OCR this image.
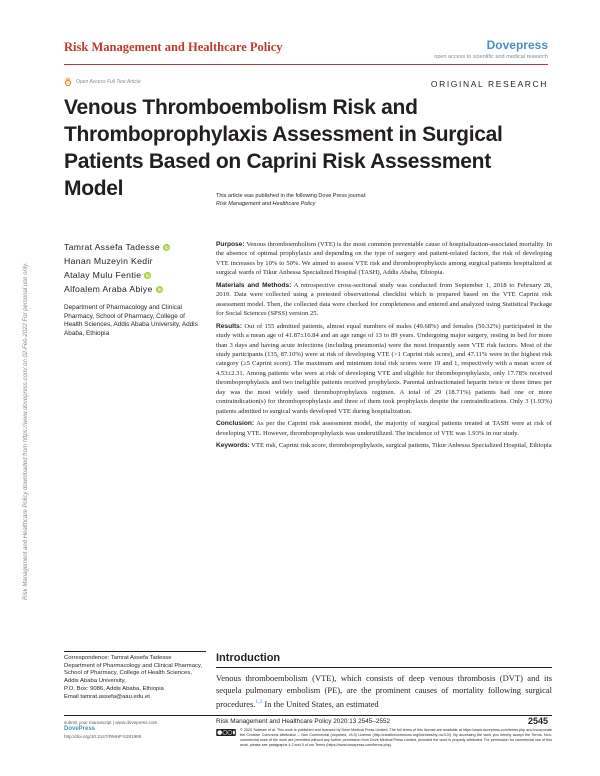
Risk Management and Healthcare Policy	Dovepress
open access to scientific and medical research
Open Access Full Text Article	ORIGINAL RESEARCH
Venous Thromboembolism Risk and Thromboprophylaxis Assessment in Surgical Patients Based on Caprini Risk Assessment Model	This article was published in the following Dove Press journal:
Risk Management and Healthcare Policy
Tamrat Assefa Tadesse
Hanan Muzeyin Kedir
Atalay Mulu Fentie
Alfoalem Araba Abiye
Department of Pharmacology and Clinical Pharmacy, School of Pharmacy, College of Health Sciences, Addis Ababa University, Addis Ababa, Ethiopia

Purpose: Venous thromboembolism (VTE) is the most common preventable cause of hospitalization-associated mortality. In the absence of optimal prophylaxis and depending on the type of surgery and patient-related factors, the risk of developing VTE increases by 10% to 50%. We aimed to assess VTE risk and thromboprophylaxis among surgical patients hospitalized at surgical wards of Tikur Anbessa Specialized Hospital (TASH), Addis Ababa, Ethiopia.

Materials and Methods: A retrospective cross-sectional study was conducted from September 1, 2018 to February 28, 2019. Data were collected using a pretested observational checklist which is prepared based on the VTE Caprini risk assessment model. Then, the collected data were checked for completeness and entered and analyzed using Statistical Package for Social Sciences (SPSS) version 25.

Results: Out of 155 admitted patients, almost equal numbers of males (49.68%) and females (50.32%) participated in the study with a mean age of 41.87±16.84 and an age range of 13 to 89 years. Undergoing major surgery, resting in bed for more than 3 days and having acute infections (including pneumonia) were the most frequently seen VTE risk factors. Most of the study participants (135, 87.10%) were at risk of developing VTE (>1 Caprini risk score), and 47.11% were in the highest risk category (≥5 Caprini score). The maximum and minimum total risk scores were 19 and 1, respectively with a mean score of 4.53±2.31. Among patients who were at risk of developing VTE and eligible for thromboprophylaxis, only 17.78% received thromboprophylaxis and two ineligible patients received prophylaxis. Parental unfractionated heparin twice or three times per day was the most widely used thromboprophylaxis regimen. A total of 29 (18.71%) patients had one or more contraindication(s) for thromboprophylaxis and three of them took prophylaxis despite the contraindications. Only 3 (1.93%) patients admitted to surgical wards developed VTE during hospitalization.

Conclusion: As per the Caprini risk assessment model, the majority of surgical patients treated at TASH were at risk of developing VTE. However, thromboprophylaxis was underutilized. The incidence of VTE was 1.93% in our study.

Keywords: VTE risk, Caprini risk score, thromboprophylaxis, surgical patients, Tikur Anbessa Specialized Hospital, Ethiopia

Correspondence: Tamrat Assefa Tadesse
Department of Pharmacology and Clinical Pharmacy, School of Pharmacy, College of Health Sciences, Addis Ababa University,
P.O. Box: 9086, Addis Ababa, Ethiopia
Email tamrat.assefa@aau.edu.et
Introduction

Venous thromboembolism (VTE), which consists of deep venous thrombosis (DVT) and its sequela pulmonary embolism (PE), are the prominent causes of mortality following surgical procedures.$^{1,2}$ In the United States, an estimated

submit your manuscript | www.dovepress.com
DovePress
http://doi.org/10.2147/RMHP.S281965
Risk Management and Healthcare Policy 2020:13 2545–2552	2545
© 2020 Tadesse et al. This work is published and licensed by Dove Medical Press Limited. The full terms of this license are available at https://www.dovepress.com/terms.php and incorporate the Creative Commons Attribution – Non Commercial (unported, v3.0) License (http://creativecommons.org/licenses/by-nc/3.0/). By accessing the work you hereby accept the Terms. Non-commercial uses of the work are permitted without any further permission from Dove Medical Press Limited, provided the work is properly attributed. For permission for commercial use of this work, please see paragraphs 4.2 and 5 of our Terms (https://www.dovepress.com/terms.php).
Risk Management and Healthcare Policy downloaded from https://www.dovepress.com/ on 02-Feb-2022 For personal use only.
